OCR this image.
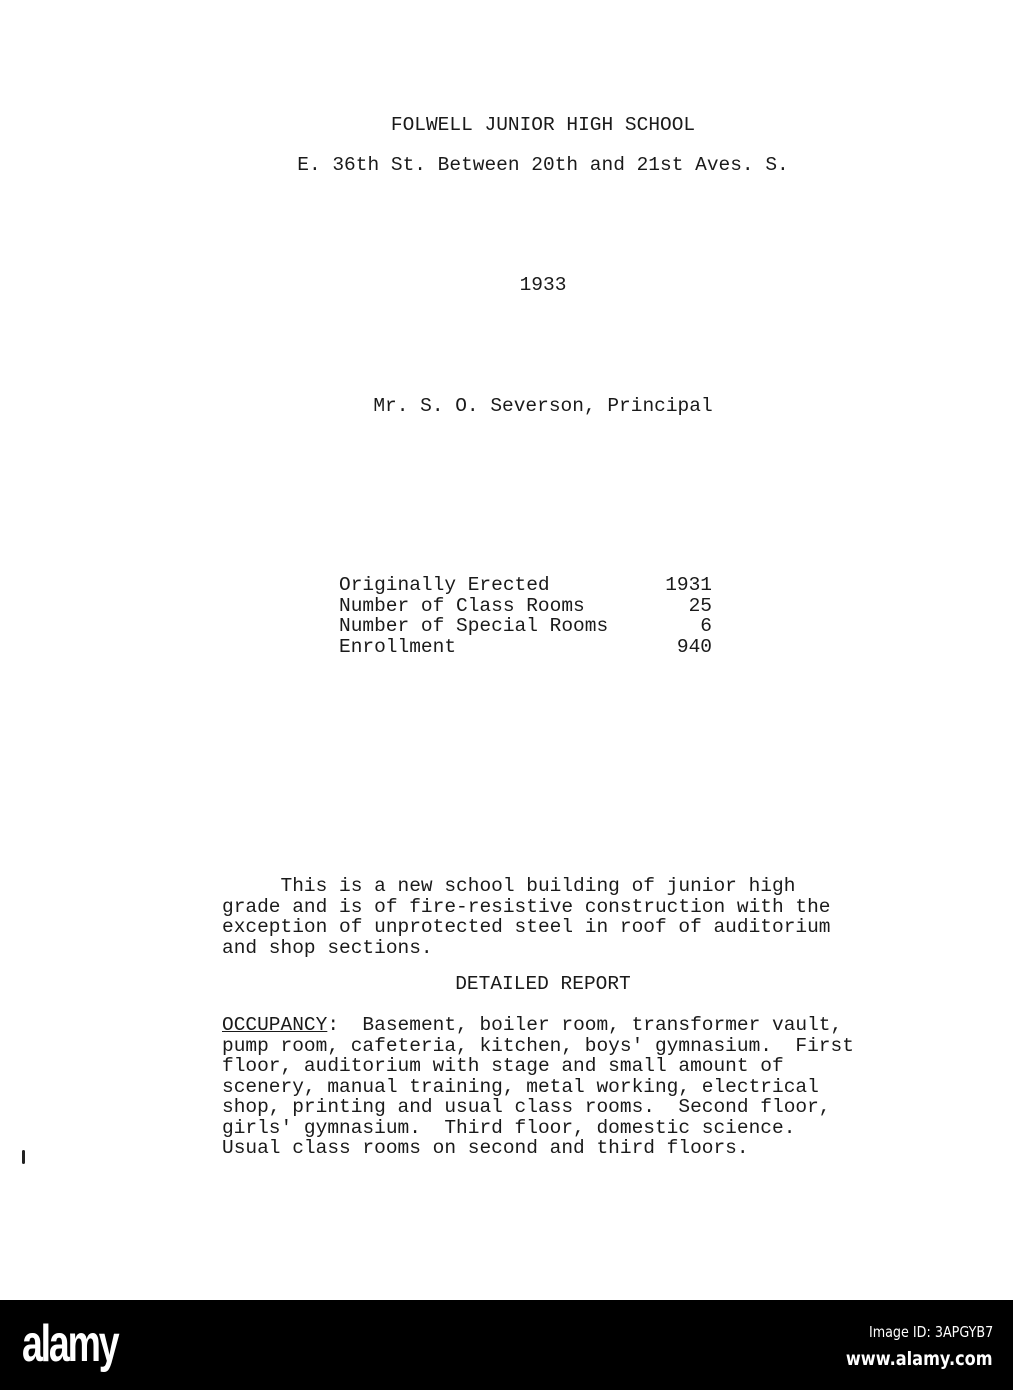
FOLWELL JUNIOR HIGH SCHOOL
E. 36th St. Between 20th and 21st Aves. S.
1933
Mr. S. O. Severson, Principal
Originally Erected	1931
Number of Class Rooms	25
Number of Special Rooms	6
Enrollment	940
This is a new school building of junior high
grade and is of fire-resistive construction with the
exception of unprotected steel in roof of auditorium
and shop sections.
DETAILED REPORT
OCCUPANCY:  Basement, boiler room, transformer vault,
pump room, cafeteria, kitchen, boys' gymnasium.  First
floor, auditorium with stage and small amount of
scenery, manual training, metal working, electrical
shop, printing and usual class rooms.  Second floor,
girls' gymnasium.  Third floor, domestic science.
Usual class rooms on second and third floors.
alamy	Image ID: 3APGYB7
www.alamy.com
